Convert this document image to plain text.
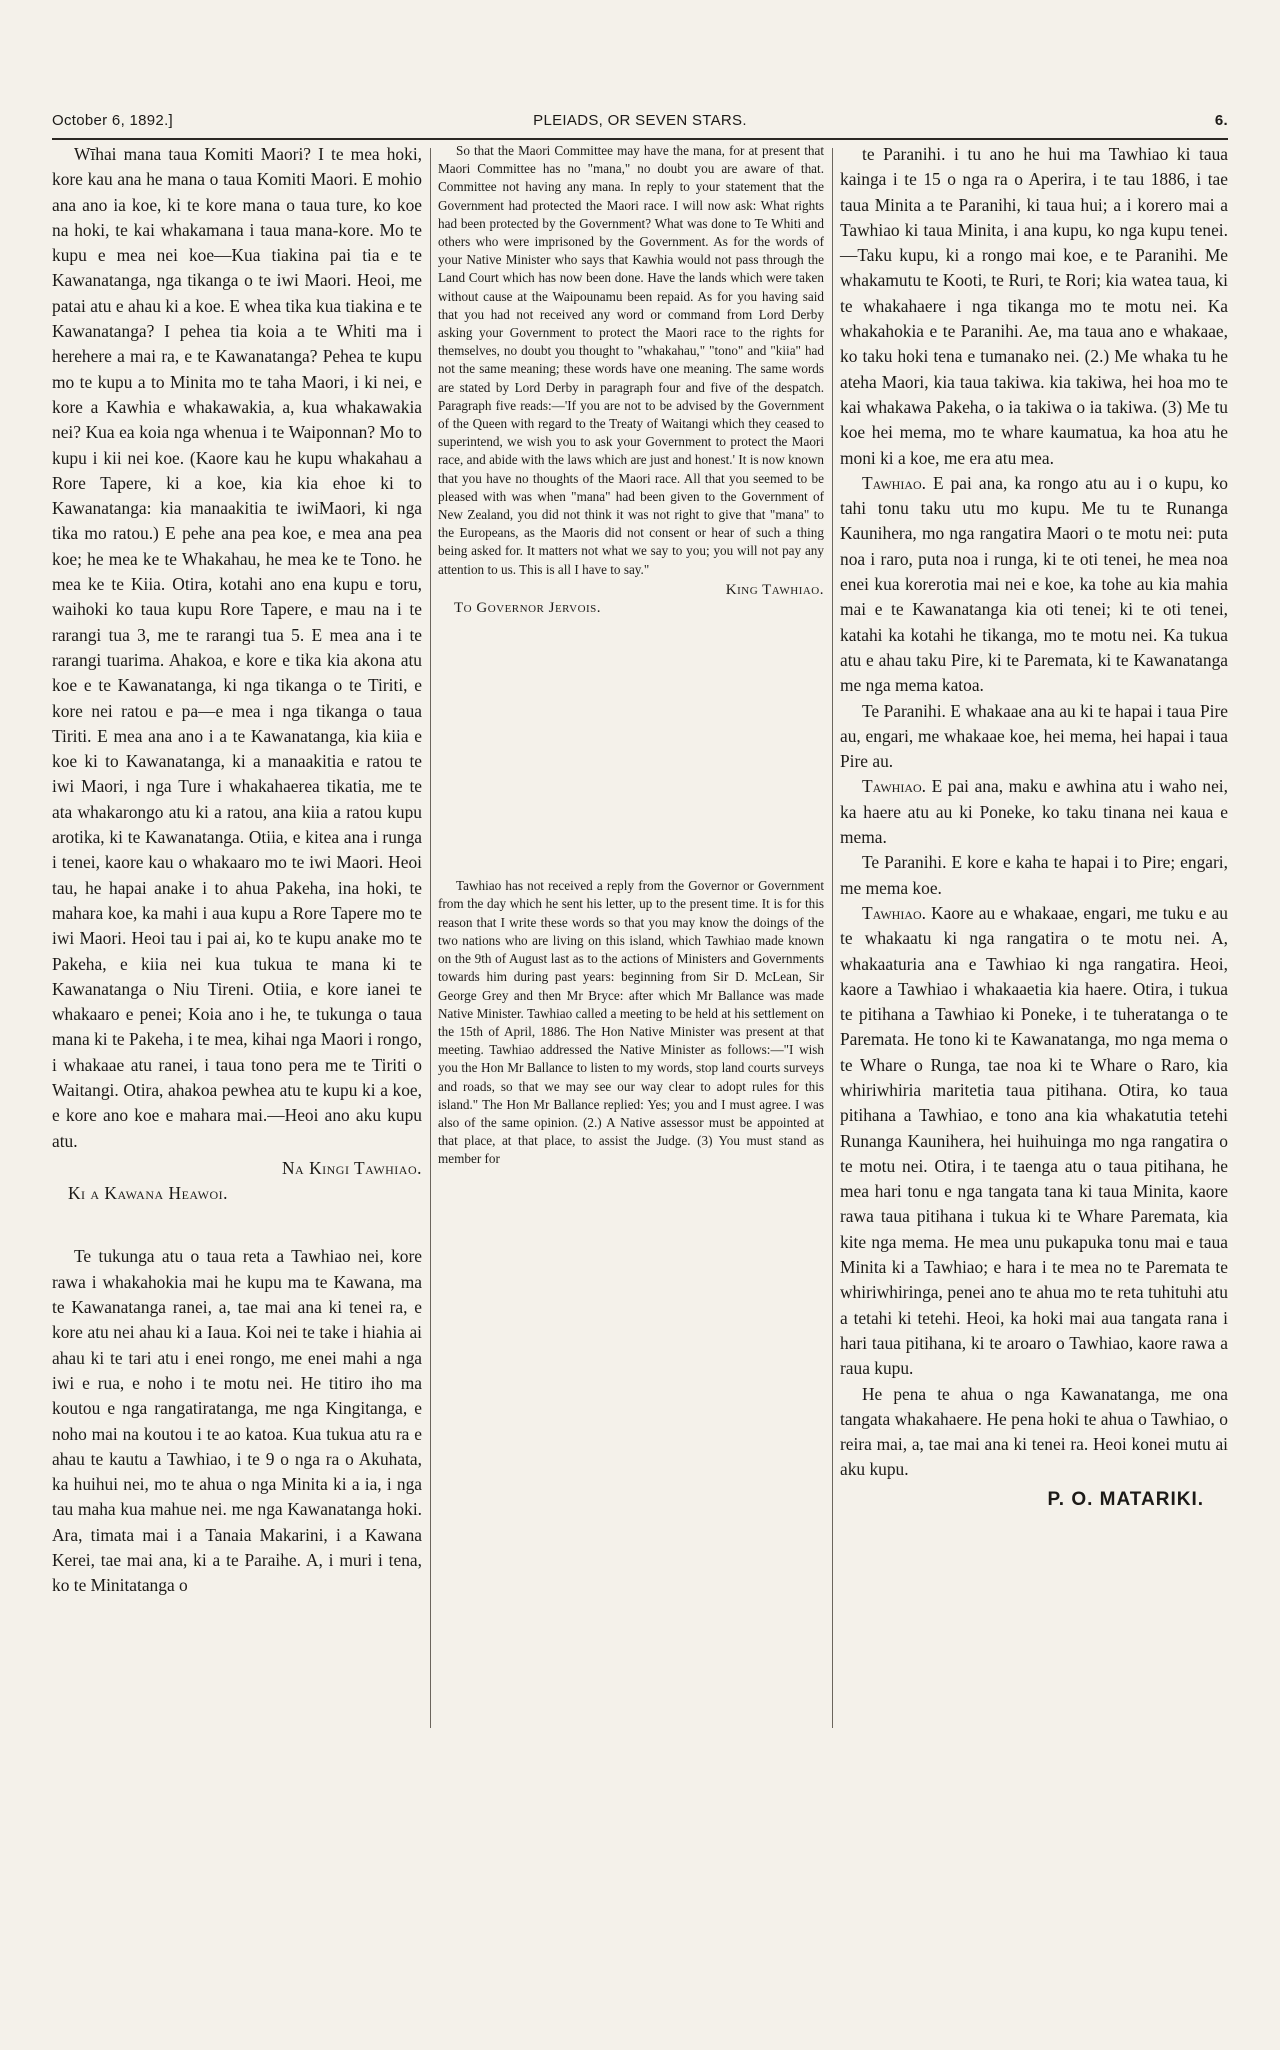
October 6, 1892.]	PLEIADS, OR SEVEN STARS.	6.

Wīhai mana taua Komiti Maori? I te mea hoki, kore kau ana he mana o taua Komiti Maori. E mohio ana ano ia koe, ki te kore mana o taua ture, ko koe na hoki, te kai whakamana i taua mana-kore. Mo te kupu e mea nei koe—Kua tiakina pai tia e te Kawanatanga, nga tikanga o te iwi Maori. Heoi, me patai atu e ahau ki a koe. E whea tika kua tiakina e te Kawanatanga? I pehea tia koia a te Whiti ma i herehere a mai ra, e te Kawanatanga? Pehea te kupu mo te kupu a to Minita mo te taha Maori, i ki nei, e kore a Kawhia e whakawakia, a, kua whakawakia nei? Kua ea koia nga whenua i te Waiponnan? Mo to kupu i kii nei koe. (Kaore kau he kupu whakahau a Rore Tapere, ki a koe, kia kia ehoe ki to Kawanatanga: kia manaakitia te iwiMaori, ki nga tika mo ratou.) E pehe ana pea koe, e mea ana pea koe; he mea ke te Whakahau, he mea ke te Tono. he mea ke te Kiia. Otira, kotahi ano ena kupu e toru, waihoki ko taua kupu Rore Tapere, e mau na i te rarangi tua 3, me te rarangi tua 5. E mea ana i te rarangi tuarima. Ahakoa, e kore e tika kia akona atu koe e te Kawanatanga, ki nga tikanga o te Tiriti, e kore nei ratou e pa—e mea i nga tikanga o taua Tiriti. E mea ana ano i a te Kawanatanga, kia kiia e koe ki to Kawanatanga, ki a manaakitia e ratou te iwi Maori, i nga Ture i whakahaerea tikatia, me te ata whakarongo atu ki a ratou, ana kiia a ratou kupu arotika, ki te Kawanatanga. Otiia, e kitea ana i runga i tenei, kaore kau o whakaaro mo te iwi Maori. Heoi tau, he hapai anake i to ahua Pakeha, ina hoki, te mahara koe, ka mahi i aua kupu a Rore Tapere mo te iwi Maori. Heoi tau i pai ai, ko te kupu anake mo te Pakeha, e kiia nei kua tukua te mana ki te Kawanatanga o Niu Tireni. Otiia, e kore ianei te whakaaro e penei; Koia ano i he, te tukunga o taua mana ki te Pakeha, i te mea, kihai nga Maori i rongo, i whakaae atu ranei, i taua tono pera me te Tiriti o Waitangi. Otira, ahakoa pewhea atu te kupu ki a koe, e kore ano koe e mahara mai.—Heoi ano aku kupu atu.

Na Kingi Tawhiao.
Ki a Kawana Heawoi.

Te tukunga atu o taua reta a Tawhiao nei, kore rawa i whakahokia mai he kupu ma te Kawana, ma te Kawanatanga ranei, a, tae mai ana ki tenei ra, e kore atu nei ahau ki a Iaua. Koi nei te take i hiahia ai ahau ki te tari atu i enei rongo, me enei mahi a nga iwi e rua, e noho i te motu nei. He titiro iho ma koutou e nga rangatiratanga, me nga Kingitanga, e noho mai na koutou i te ao katoa. Kua tukua atu ra e ahau te kautu a Tawhiao, i te 9 o nga ra o Akuhata, ka huihui nei, mo te ahua o nga Minita ki a ia, i nga tau maha kua mahue nei. me nga Kawanatanga hoki. Ara, timata mai i a Tanaia Makarini, i a Kawana Kerei, tae mai ana, ki a te Paraihe. A, i muri i tena, ko te Minitatanga o

So that the Maori Committee may have the mana, for at present that Maori Committee has no "mana," no doubt you are aware of that. Committee not having any mana. In reply to your statement that the Government had protected the Maori race. I will now ask: What rights had been protected by the Government? What was done to Te Whiti and others who were imprisoned by the Government. As for the words of your Native Minister who says that Kawhia would not pass through the Land Court which has now been done. Have the lands which were taken without cause at the Waipounamu been repaid. As for you having said that you had not received any word or command from Lord Derby asking your Government to protect the Maori race to the rights for themselves, no doubt you thought to "whakahau," "tono" and "kiia" had not the same meaning; these words have one meaning. The same words are stated by Lord Derby in paragraph four and five of the despatch. Paragraph five reads:—'If you are not to be advised by the Government of the Queen with regard to the Treaty of Waitangi which they ceased to superintend, we wish you to ask your Government to protect the Maori race, and abide with the laws which are just and honest.' It is now known that you have no thoughts of the Maori race. All that you seemed to be pleased with was when "mana" had been given to the Government of New Zealand, you did not think it was not right to give that "mana" to the Europeans, as the Maoris did not consent or hear of such a thing being asked for. It matters not what we say to you; you will not pay any attention to us. This is all I have to say."

King Tawhiao.
To Governor Jervois.

Tawhiao has not received a reply from the Governor or Government from the day which he sent his letter, up to the present time. It is for this reason that I write these words so that you may know the doings of the two nations who are living on this island, which Tawhiao made known on the 9th of August last as to the actions of Ministers and Governments towards him during past years: beginning from Sir D. McLean, Sir George Grey and then Mr Bryce: after which Mr Ballance was made Native Minister. Tawhiao called a meeting to be held at his settlement on the 15th of April, 1886. The Hon Native Minister was present at that meeting. Tawhiao addressed the Native Minister as follows:—"I wish you the Hon Mr Ballance to listen to my words, stop land courts surveys and roads, so that we may see our way clear to adopt rules for this island." The Hon Mr Ballance replied: Yes; you and I must agree. I was also of the same opinion. (2.) A Native assessor must be appointed at that place, at that place, to assist the Judge. (3) You must stand as member for

te Paranihi. i tu ano he hui ma Tawhiao ki taua kainga i te 15 o nga ra o Aperira, i te tau 1886, i tae taua Minita a te Paranihi, ki taua hui; a i korero mai a Tawhiao ki taua Minita, i ana kupu, ko nga kupu tenei.—Taku kupu, ki a rongo mai koe, e te Paranihi. Me whakamutu te Kooti, te Ruri, te Rori; kia watea taua, ki te whakahaere i nga tikanga mo te motu nei. Ka whakahokia e te Paranihi. Ae, ma taua ano e whakaae, ko taku hoki tena e tumanako nei. (2.) Me whaka tu he ateha Maori, kia taua takiwa. kia takiwa, hei hoa mo te kai whakawa Pakeha, o ia takiwa o ia takiwa. (3) Me tu koe hei mema, mo te whare kaumatua, ka hoa atu he moni ki a koe, me era atu mea.

Tawhiao. E pai ana, ka rongo atu au i o kupu, ko tahi tonu taku utu mo kupu. Me tu te Runanga Kaunihera, mo nga rangatira Maori o te motu nei: puta noa i raro, puta noa i runga, ki te oti tenei, he mea noa enei kua korerotia mai nei e koe, ka tohe au kia mahia mai e te Kawanatanga kia oti tenei; ki te oti tenei, katahi ka kotahi he tikanga, mo te motu nei. Ka tukua atu e ahau taku Pire, ki te Paremata, ki te Kawanatanga me nga mema katoa.

Te Paranihi. E whakaae ana au ki te hapai i taua Pire au, engari, me whakaae koe, hei mema, hei hapai i taua Pire au.

Tawhiao. E pai ana, maku e awhina atu i waho nei, ka haere atu au ki Poneke, ko taku tinana nei kaua e mema.

Te Paranihi. E kore e kaha te hapai i to Pire; engari, me mema koe.

Tawhiao. Kaore au e whakaae, engari, me tuku e au te whakaatu ki nga rangatira o te motu nei. A, whakaaturia ana e Tawhiao ki nga rangatira. Heoi, kaore a Tawhiao i whakaaetia kia haere. Otira, i tukua te pitihana a Tawhiao ki Poneke, i te tuheratanga o te Paremata. He tono ki te Kawanatanga, mo nga mema o te Whare o Runga, tae noa ki te Whare o Raro, kia whiriwhiria maritetia taua pitihana. Otira, ko taua pitihana a Tawhiao, e tono ana kia whakatutia tetehi Runanga Kaunihera, hei huihuinga mo nga rangatira o te motu nei. Otira, i te taenga atu o taua pitihana, he mea hari tonu e nga tangata tana ki taua Minita, kaore rawa taua pitihana i tukua ki te Whare Paremata, kia kite nga mema. He mea unu pukapuka tonu mai e taua Minita ki a Tawhiao; e hara i te mea no te Paremata te whiriwhiringa, penei ano te ahua mo te reta tuhituhi atu a tetahi ki tetehi. Heoi, ka hoki mai aua tangata rana i hari taua pitihana, ki te aroaro o Tawhiao, kaore rawa a raua kupu.

He pena te ahua o nga Kawanatanga, me ona tangata whakahaere. He pena hoki te ahua o Tawhiao, o reira mai, a, tae mai ana ki tenei ra. Heoi konei mutu ai aku kupu.

P. O. MATARIKI.
